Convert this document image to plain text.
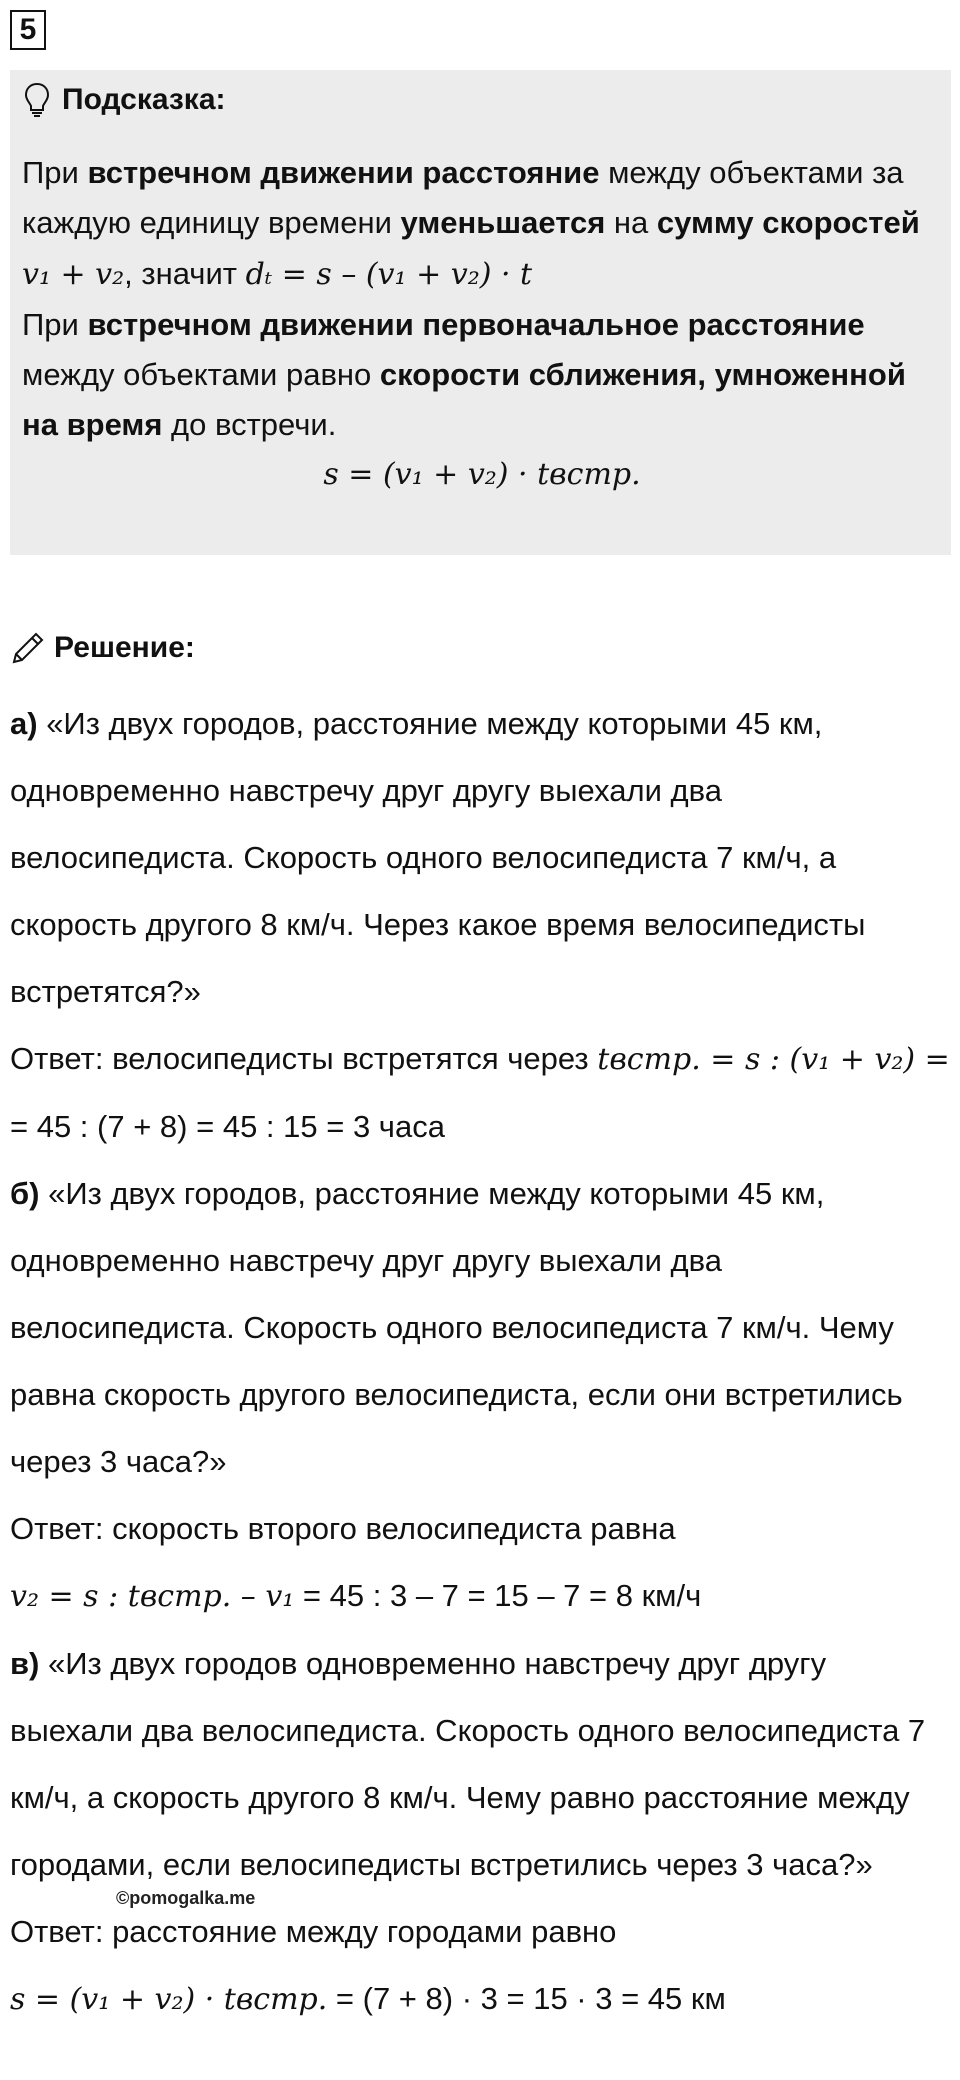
5
Подсказка:
При встречном движении расстояние между объектами за каждую единицу времени уменьшается на сумму скоростей v₁ + v₂, значит dₜ = s – (v₁ + v₂) · t
При встречном движении первоначальное расстояние между объектами равно скорости сближения, умноженной на время до встречи.
s = (v₁ + v₂) · tвстр.
Решение:

а) «Из двух городов, расстояние между которыми 45 км, одновременно навстречу друг другу выехали два велосипедиста. Скорость одного велосипедиста 7 км/ч, а скорость другого 8 км/ч. Через какое время велосипедисты встретятся?»

Ответ: велосипедисты встретятся через tвстр. = s : (v₁ + v₂) =
= 45 : (7 + 8) = 45 : 15 = 3 часа

б) «Из двух городов, расстояние между которыми 45 км, одновременно навстречу друг другу выехали два велосипедиста. Скорость одного велосипедиста 7 км/ч. Чему равна скорость другого велосипедиста, если они встретились через 3 часа?»

Ответ: скорость второго велосипедиста равна
v₂ = s : tвстр. – v₁ = 45 : 3 – 7 = 15 – 7 = 8 км/ч

в) «Из двух городов одновременно навстречу друг другу выехали два велосипедиста. Скорость одного велосипедиста 7 км/ч, а скорость другого 8 км/ч. Чему равно расстояние между городами, если велосипедисты встретились через 3 часа?»

Ответ: расстояние между городами равно
s = (v₁ + v₂) · tвстр. = (7 + 8) · 3 = 15 · 3 = 45 км

©pomogalka.me
